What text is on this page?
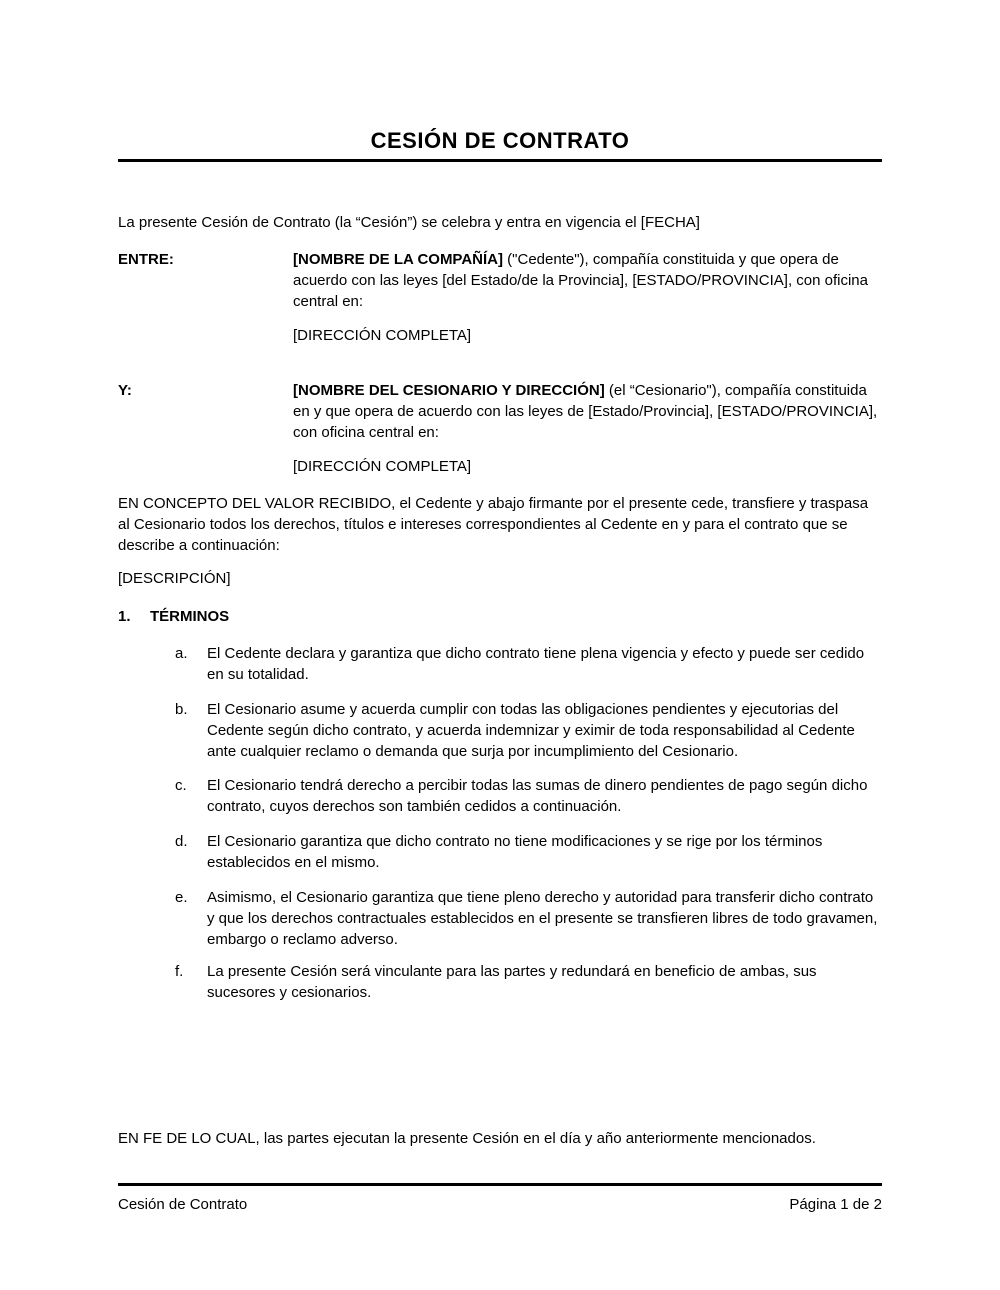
CESIÓN DE CONTRATO

La presente Cesión de Contrato (la “Cesión”) se celebra y entra en vigencia el [FECHA]

ENTRE:	[NOMBRE DE LA COMPAÑÍA] ("Cedente"), compañía constituida y que opera de acuerdo con las leyes [del Estado/de la Provincia], [ESTADO/PROVINCIA], con oficina central en:

[DIRECCIÓN COMPLETA]

Y:	[NOMBRE DEL CESIONARIO Y DIRECCIÓN] (el “Cesionario"), compañía constituida en y que opera de acuerdo con las leyes de [Estado/Provincia], [ESTADO/PROVINCIA], con oficina central en:

[DIRECCIÓN COMPLETA]

EN CONCEPTO DEL VALOR RECIBIDO, el Cedente y abajo firmante por el presente cede, transfiere y traspasa al Cesionario todos los derechos, títulos e intereses correspondientes al Cedente en y para el contrato que se describe a continuación:

[DESCRIPCIÓN]

1.	TÉRMINOS
a.	El Cedente declara y garantiza que dicho contrato tiene plena vigencia y efecto y puede ser cedido en su totalidad.
b.	El Cesionario asume y acuerda cumplir con todas las obligaciones pendientes y ejecutorias del Cedente según dicho contrato, y acuerda indemnizar y eximir de toda responsabilidad al Cedente ante cualquier reclamo o demanda que surja por incumplimiento del Cesionario.
c.	El Cesionario tendrá derecho a percibir todas las sumas de dinero pendientes de pago según dicho contrato, cuyos derechos son también cedidos a continuación.
d.	El Cesionario garantiza que dicho contrato no tiene modificaciones y se rige por los términos establecidos en el mismo.
e.	Asimismo, el Cesionario garantiza que tiene pleno derecho y autoridad para transferir dicho contrato y que los derechos contractuales establecidos en el presente se transfieren libres de todo gravamen, embargo o reclamo adverso.
f.	La presente Cesión será vinculante para las partes y redundará en beneficio de ambas, sus sucesores y cesionarios.

EN FE DE LO CUAL, las partes ejecutan la presente Cesión en el día y año anteriormente mencionados.

Cesión de Contrato	Página 1 de 2
